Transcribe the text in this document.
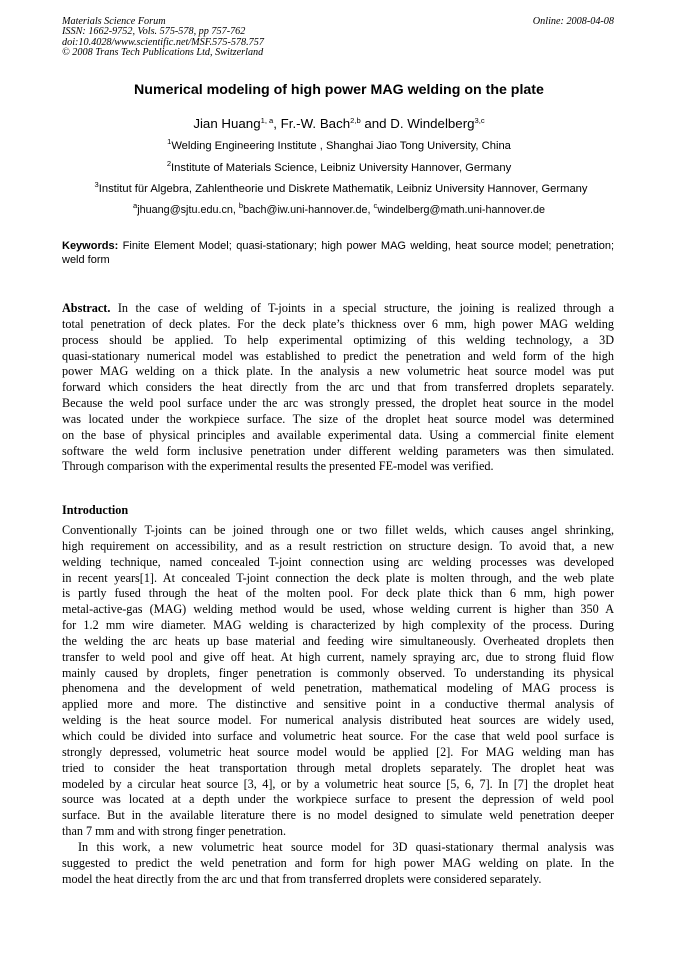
Materials Science Forum
ISSN: 1662-9752, Vols. 575-578, pp 757-762
doi:10.4028/www.scientific.net/MSF.575-578.757
© 2008 Trans Tech Publications Ltd, Switzerland
Online: 2008-04-08
Numerical modeling of high power MAG welding on the plate
Jian Huang$^{1, a}$, Fr.-W. Bach$^{2,b}$ and D. Windelberg$^{3,c}$
$^1$Welding Engineering Institute , Shanghai Jiao Tong University, China
$^2$Institute of Materials Science, Leibniz University Hannover, Germany
$^3$Institut für Algebra, Zahlentheorie und Diskrete Mathematik, Leibniz University Hannover, Germany
$^a$jhuang@sjtu.edu.cn, $^b$bach@iw.uni-hannover.de, $^c$windelberg@math.uni-hannover.de
Keywords: Finite Element Model; quasi-stationary; high power MAG welding, heat source model; penetration; weld form
Abstract. In the case of welding of T-joints in a special structure, the joining is realized through a
total penetration of deck plates. For the deck plate’s thickness over 6 mm, high power MAG welding
process should be applied. To help experimental optimizing of this welding technology, a 3D
quasi-stationary numerical model was established to predict the penetration and weld form of the high
power MAG welding on a thick plate. In the analysis a new volumetric heat source model was put
forward which considers the heat directly from the arc und that from transferred droplets separately.
Because the weld pool surface under the arc was strongly pressed, the droplet heat source in the model
was located under the workpiece surface. The size of the droplet heat source model was determined
on the base of physical principles and available experimental data. Using a commercial finite element
software the weld form inclusive penetration under different welding parameters was then simulated.
Through comparison with the experimental results the presented FE-model was verified.
Introduction
Conventionally T-joints can be joined through one or two fillet welds, which causes angel shrinking,
high requirement on accessibility, and as a result restriction on structure design. To avoid that, a new
welding technique, named concealed T-joint connection using arc welding processes was developed
in recent years[1]. At concealed T-joint connection the deck plate is molten through, and the web plate
is partly fused through the heat of the molten pool. For deck plate thick than 6 mm, high power
metal-active-gas (MAG) welding method would be used, whose welding current is higher than 350 A
for 1.2 mm wire diameter. MAG welding is characterized by high complexity of the process. During
the welding the arc heats up base material and feeding wire simultaneously. Overheated droplets then
transfer to weld pool and give off heat. At high current, namely spraying arc, due to strong fluid flow
mainly caused by droplets, finger penetration is commonly observed. To understanding its physical
phenomena and the development of weld penetration, mathematical modeling of MAG process is
applied more and more. The distinctive and sensitive point in a conductive thermal analysis of
welding is the heat source model. For numerical analysis distributed heat sources are widely used,
which could be divided into surface and volumetric heat source. For the case that weld pool surface is
strongly depressed, volumetric heat source model would be applied [2]. For MAG welding man has
tried to consider the heat transportation through metal droplets separately. The droplet heat was
modeled by a circular heat source [3, 4], or by a volumetric heat source [5, 6, 7]. In [7] the droplet heat
source was located at a depth under the workpiece surface to present the depression of weld pool
surface. But in the available literature there is no model designed to simulate weld penetration deeper
than 7 mm and with strong finger penetration.
In this work, a new volumetric heat source model for 3D quasi-stationary thermal analysis was
suggested to predict the weld penetration and form for high power MAG welding on plate. In the
model the heat directly from the arc und that from transferred droplets were considered separately.
